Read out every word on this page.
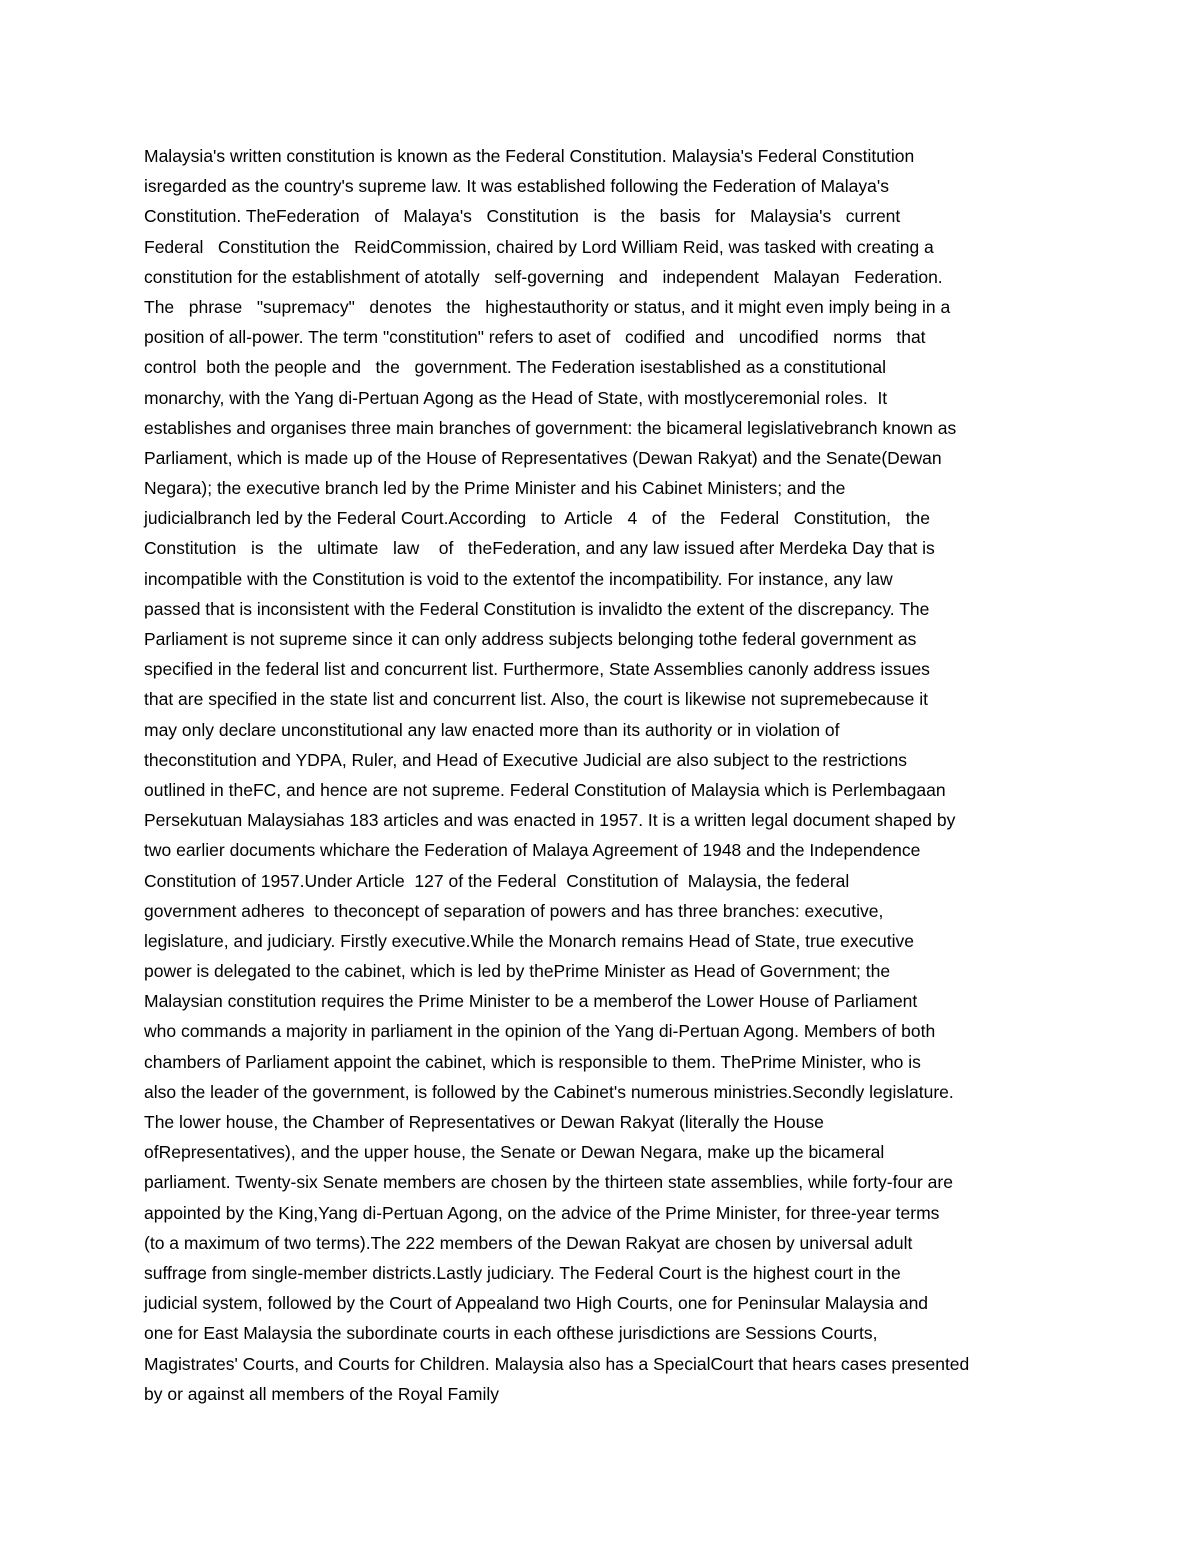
Malaysia's written constitution is known as the Federal Constitution. Malaysia's Federal Constitution
isregarded as the country's supreme law. It was established following the Federation of Malaya's
Constitution. TheFederation   of   Malaya's   Constitution   is   the   basis   for   Malaysia's   current
Federal   Constitution the   ReidCommission, chaired by Lord William Reid, was tasked with creating a
constitution for the establishment of atotally   self-governing   and   independent   Malayan   Federation.
The   phrase   "supremacy"   denotes   the   highestauthority or status, and it might even imply being in a
position of all-power. The term "constitution" refers to aset of   codified  and   uncodified   norms   that
control  both the people and   the   government. The Federation isestablished as a constitutional
monarchy, with the Yang di-Pertuan Agong as the Head of State, with mostlyceremonial roles.  It
establishes and organises three main branches of government: the bicameral legislativebranch known as
Parliament, which is made up of the House of Representatives (Dewan Rakyat) and the Senate(Dewan
Negara); the executive branch led by the Prime Minister and his Cabinet Ministers; and the
judicialbranch led by the Federal Court.According   to  Article   4   of   the   Federal   Constitution,   the
Constitution   is   the   ultimate   law    of   theFederation, and any law issued after Merdeka Day that is
incompatible with the Constitution is void to the extentof the incompatibility. For instance, any law
passed that is inconsistent with the Federal Constitution is invalidto the extent of the discrepancy. The
Parliament is not supreme since it can only address subjects belonging tothe federal government as
specified in the federal list and concurrent list. Furthermore, State Assemblies canonly address issues
that are specified in the state list and concurrent list. Also, the court is likewise not supremebecause it
may only declare unconstitutional any law enacted more than its authority or in violation of
theconstitution and YDPA, Ruler, and Head of Executive Judicial are also subject to the restrictions
outlined in theFC, and hence are not supreme. Federal Constitution of Malaysia which is Perlembagaan
Persekutuan Malaysiahas 183 articles and was enacted in 1957. It is a written legal document shaped by
two earlier documents whichare the Federation of Malaya Agreement of 1948 and the Independence
Constitution of 1957.Under Article  127 of the Federal  Constitution of  Malaysia, the federal
government adheres  to theconcept of separation of powers and has three branches: executive,
legislature, and judiciary. Firstly executive.While the Monarch remains Head of State, true executive
power is delegated to the cabinet, which is led by thePrime Minister as Head of Government; the
Malaysian constitution requires the Prime Minister to be a memberof the Lower House of Parliament
who commands a majority in parliament in the opinion of the Yang di-Pertuan Agong. Members of both
chambers of Parliament appoint the cabinet, which is responsible to them. ThePrime Minister, who is
also the leader of the government, is followed by the Cabinet's numerous ministries.Secondly legislature.
The lower house, the Chamber of Representatives or Dewan Rakyat (literally the House
ofRepresentatives), and the upper house, the Senate or Dewan Negara, make up the bicameral
parliament. Twenty-six Senate members are chosen by the thirteen state assemblies, while forty-four are
appointed by the King,Yang di-Pertuan Agong, on the advice of the Prime Minister, for three-year terms
(to a maximum of two terms).The 222 members of the Dewan Rakyat are chosen by universal adult
suffrage from single-member districts.Lastly judiciary. The Federal Court is the highest court in the
judicial system, followed by the Court of Appealand two High Courts, one for Peninsular Malaysia and
one for East Malaysia the subordinate courts in each ofthese jurisdictions are Sessions Courts,
Magistrates' Courts, and Courts for Children. Malaysia also has a SpecialCourt that hears cases presented
by or against all members of the Royal Family
